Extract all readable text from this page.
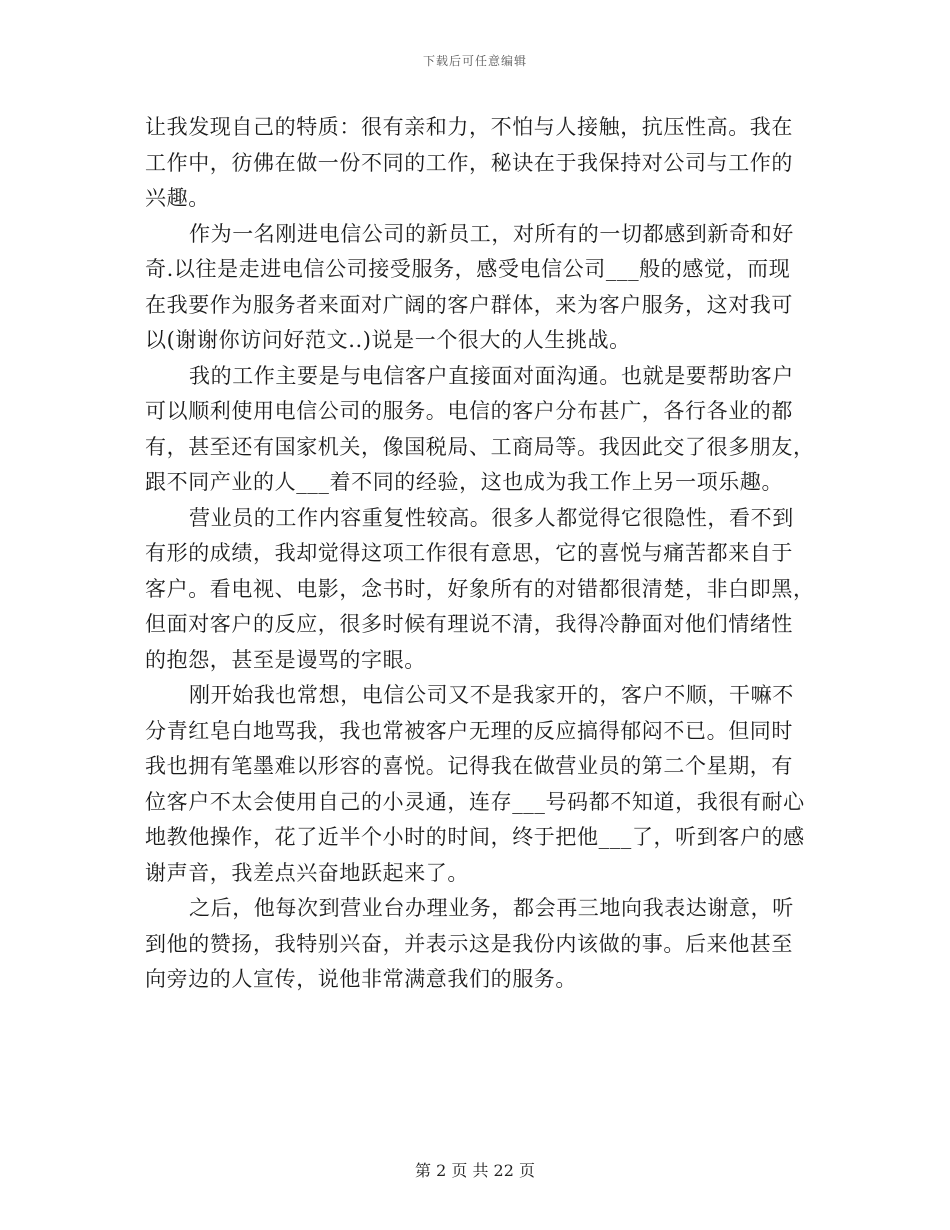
下载后可任意编辑

让我发现自己的特质：很有亲和力，不怕与人接触，抗压性高。我在
工作中，彷佛在做一份不同的工作，秘诀在于我保持对公司与工作的
兴趣。

作为一名刚进电信公司的新员工，对所有的一切都感到新奇和好
奇.以往是走进电信公司接受服务，感受电信公司___般的感觉，而现
在我要作为服务者来面对广阔的客户群体，来为客户服务，这对我可
以(谢谢你访问好范文..)说是一个很大的人生挑战。

我的工作主要是与电信客户直接面对面沟通。也就是要帮助客户
可以顺利使用电信公司的服务。电信的客户分布甚广，各行各业的都
有，甚至还有国家机关，像国税局、工商局等。我因此交了很多朋友，
跟不同产业的人___着不同的经验，这也成为我工作上另一项乐趣。

营业员的工作内容重复性较高。很多人都觉得它很隐性，看不到
有形的成绩，我却觉得这项工作很有意思，它的喜悦与痛苦都来自于
客户。看电视、电影，念书时，好象所有的对错都很清楚，非白即黑，
但面对客户的反应，很多时候有理说不清，我得冷静面对他们情绪性
的抱怨，甚至是谩骂的字眼。

刚开始我也常想，电信公司又不是我家开的，客户不顺，干嘛不
分青红皂白地骂我，我也常被客户无理的反应搞得郁闷不已。但同时
我也拥有笔墨难以形容的喜悦。记得我在做营业员的第二个星期，有
位客户不太会使用自己的小灵通，连存___号码都不知道，我很有耐心
地教他操作，花了近半个小时的时间，终于把他___了，听到客户的感
谢声音，我差点兴奋地跃起来了。

之后，他每次到营业台办理业务，都会再三地向我表达谢意，听
到他的赞扬，我特别兴奋，并表示这是我份内该做的事。后来他甚至
向旁边的人宣传，说他非常满意我们的服务。

第 2 页 共 22 页
